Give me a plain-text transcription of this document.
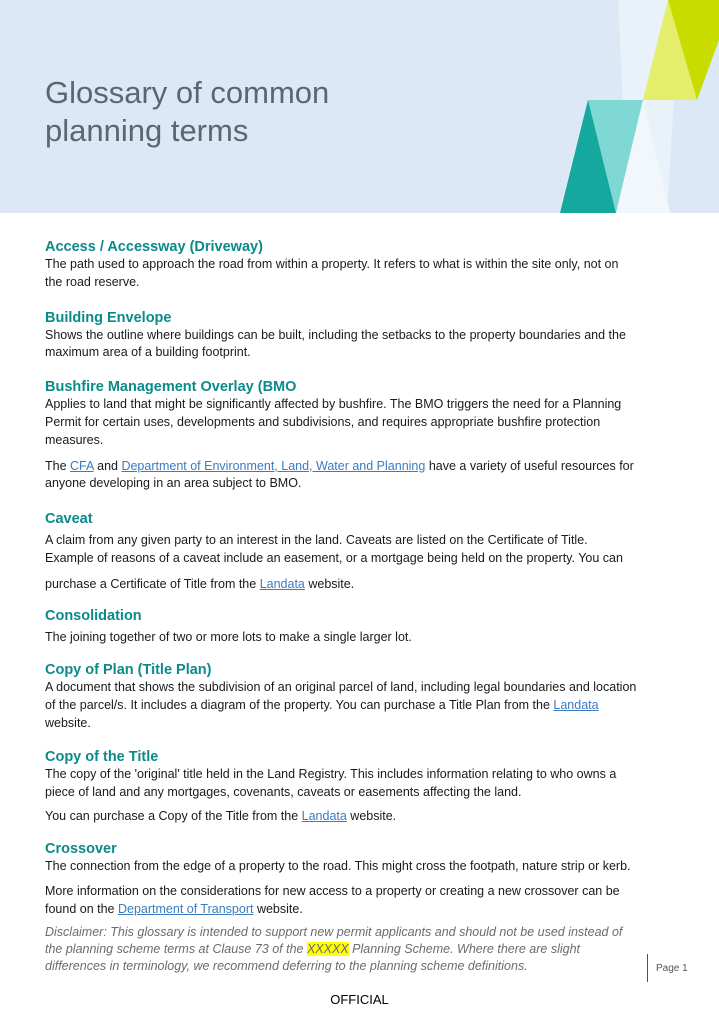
Glossary of common
planning terms

Access / Accessway (Driveway)

The path used to approach the road from within a property. It refers to what is within the site only, not on
the road reserve.

Building Envelope

Shows the outline where buildings can be built, including the setbacks to the property boundaries and the
maximum area of a building footprint.

Bushfire Management Overlay (BMO

Applies to land that might be significantly affected by bushfire. The BMO triggers the need for a Planning
Permit for certain uses, developments and subdivisions, and requires appropriate bushfire protection
measures.

The CFA and Department of Environment, Land, Water and Planning have a variety of useful resources for
anyone developing in an area subject to BMO.

Caveat

A claim from any given party to an interest in the land. Caveats are listed on the Certificate of Title.
Example of reasons of a caveat include an easement, or a mortgage being held on the property. You can

purchase a Certificate of Title from the Landata website.

Consolidation

The joining together of two or more lots to make a single larger lot.

Copy of Plan (Title Plan)

A document that shows the subdivision of an original parcel of land, including legal boundaries and location
of the parcel/s. It includes a diagram of the property. You can purchase a Title Plan from the Landata
website.

Copy of the Title

The copy of the 'original' title held in the Land Registry. This includes information relating to who owns a
piece of land and any mortgages, covenants, caveats or easements affecting the land.

You can purchase a Copy of the Title from the Landata website.

Crossover

The connection from the edge of a property to the road. This might cross the footpath, nature strip or kerb.

More information on the considerations for new access to a property or creating a new crossover can be
found on the Department of Transport website.

Disclaimer: This glossary is intended to support new permit applicants and should not be used instead of
the planning scheme terms at Clause 73 of the XXXXX Planning Scheme. Where there are slight
differences in terminology, we recommend deferring to the planning scheme definitions.	Page 1
OFFICIAL
